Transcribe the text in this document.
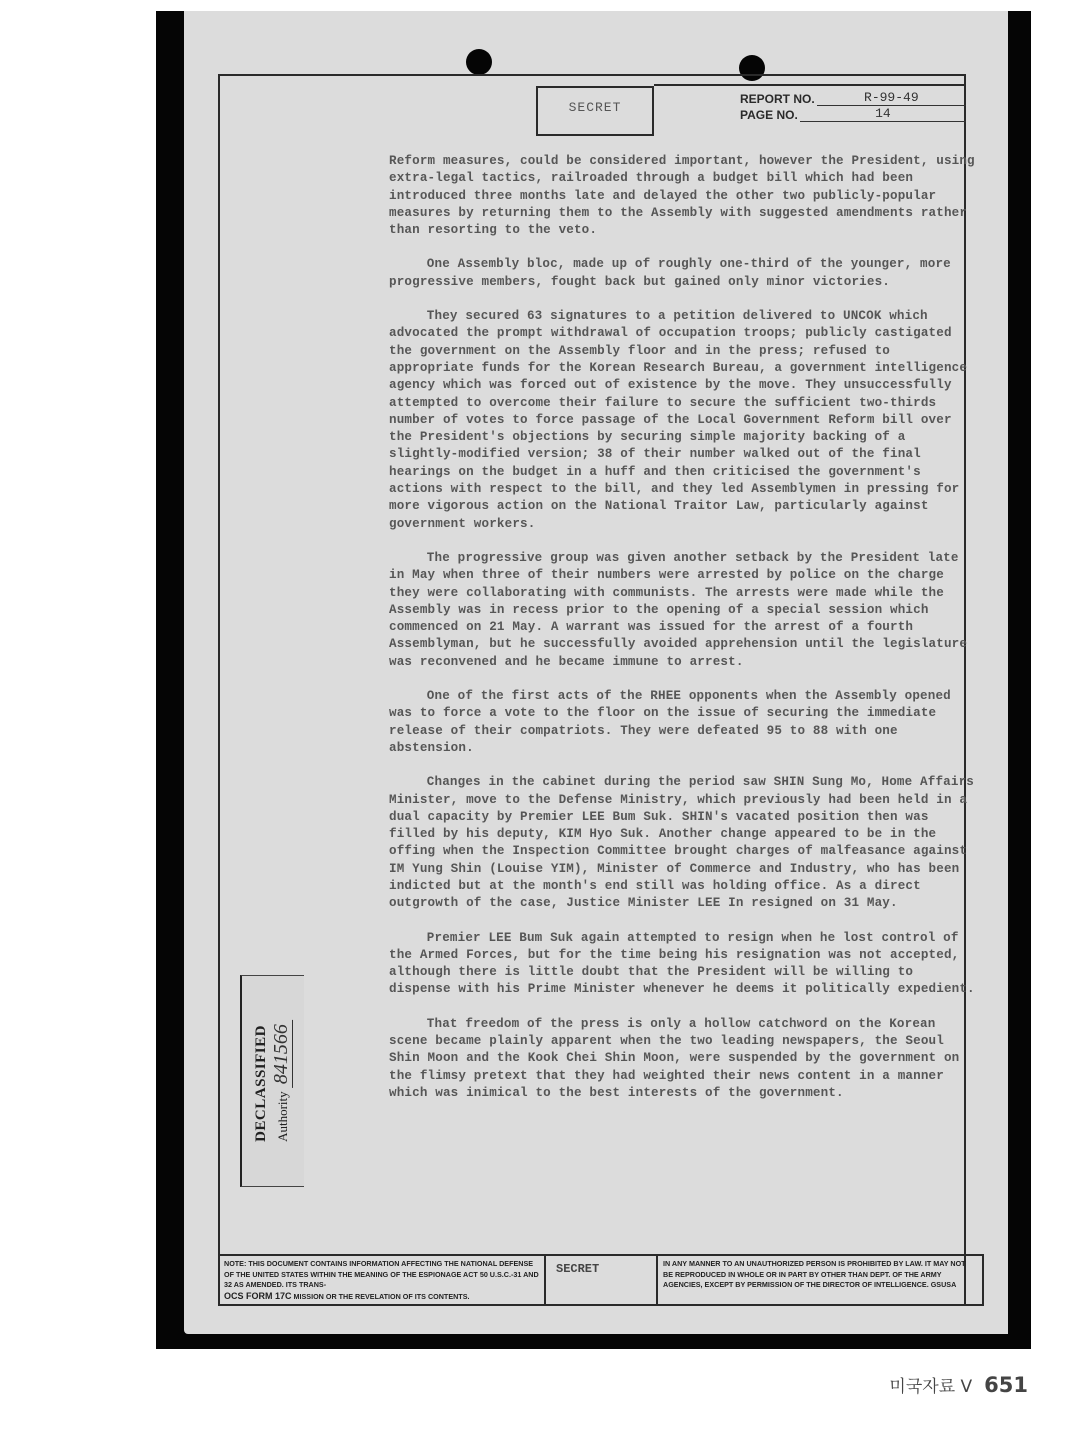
SECRET
REPORT NO.	R-99-49
PAGE NO.	14

Reform measures, could be considered important, however the President, using extra-legal tactics, railroaded through a budget bill which had been introduced three months late and delayed the other two publicly-popular measures by returning them to the Assembly with suggested amendments rather than resorting to the veto.

One Assembly bloc, made up of roughly one-third of the younger, more progressive members, fought back but gained only minor victories.

They secured 63 signatures to a petition delivered to UNCOK which advocated the prompt withdrawal of occupation troops; publicly castigated the government on the Assembly floor and in the press; refused to appropriate funds for the Korean Research Bureau, a government intelligence agency which was forced out of existence by the move. They unsuccessfully attempted to overcome their failure to secure the sufficient two-thirds number of votes to force passage of the Local Government Reform bill over the President's objections by securing simple majority backing of a slightly-modified version; 38 of their number walked out of the final hearings on the budget in a huff and then criticised the government's actions with respect to the bill, and they led Assemblymen in pressing for more vigorous action on the National Traitor Law, particularly against government workers.

The progressive group was given another setback by the President late in May when three of their numbers were arrested by police on the charge they were collaborating with communists. The arrests were made while the Assembly was in recess prior to the opening of a special session which commenced on 21 May. A warrant was issued for the arrest of a fourth Assemblyman, but he successfully avoided apprehension until the legislature was reconvened and he became immune to arrest.

One of the first acts of the RHEE opponents when the Assembly opened was to force a vote to the floor on the issue of securing the immediate release of their compatriots. They were defeated 95 to 88 with one abstension.

Changes in the cabinet during the period saw SHIN Sung Mo, Home Affairs Minister, move to the Defense Ministry, which previously had been held in a dual capacity by Premier LEE Bum Suk. SHIN's vacated position then was filled by his deputy, KIM Hyo Suk. Another change appeared to be in the offing when the Inspection Committee brought charges of malfeasance against IM Yung Shin (Louise YIM), Minister of Commerce and Industry, who has been indicted but at the month's end still was holding office. As a direct outgrowth of the case, Justice Minister LEE In resigned on 31 May.

Premier LEE Bum Suk again attempted to resign when he lost control of the Armed Forces, but for the time being his resignation was not accepted, although there is little doubt that the President will be willing to dispense with his Prime Minister whenever he deems it politically expedient.

That freedom of the press is only a hollow catchword on the Korean scene became plainly apparent when the two leading newspapers, the Seoul Shin Moon and the Kook Chei Shin Moon, were suspended by the government on the flimsy pretext that they had weighted their news content in a manner which was inimical to the best interests of the government.

DECLASSIFIED Authority 841566
NOTE: THIS DOCUMENT CONTAINS INFORMATION AFFECTING THE NATIONAL DEFENSE OF THE UNITED STATES WITHIN THE MEANING OF THE ESPIONAGE ACT 50 U.S.C.-31 AND 32 AS AMENDED. ITS TRANS-
OCS FORM 17C MISSION OR THE REVELATION OF ITS CONTENTS.
SECRET	IN ANY MANNER TO AN UNAUTHORIZED PERSON IS PROHIBITED BY LAW. IT MAY NOT BE REPRODUCED IN WHOLE OR IN PART BY OTHER THAN DEPT. OF THE ARMY AGENCIES, EXCEPT BY PERMISSION OF THE DIRECTOR OF INTELLIGENCE. GSUSA
미국자료 V 651
